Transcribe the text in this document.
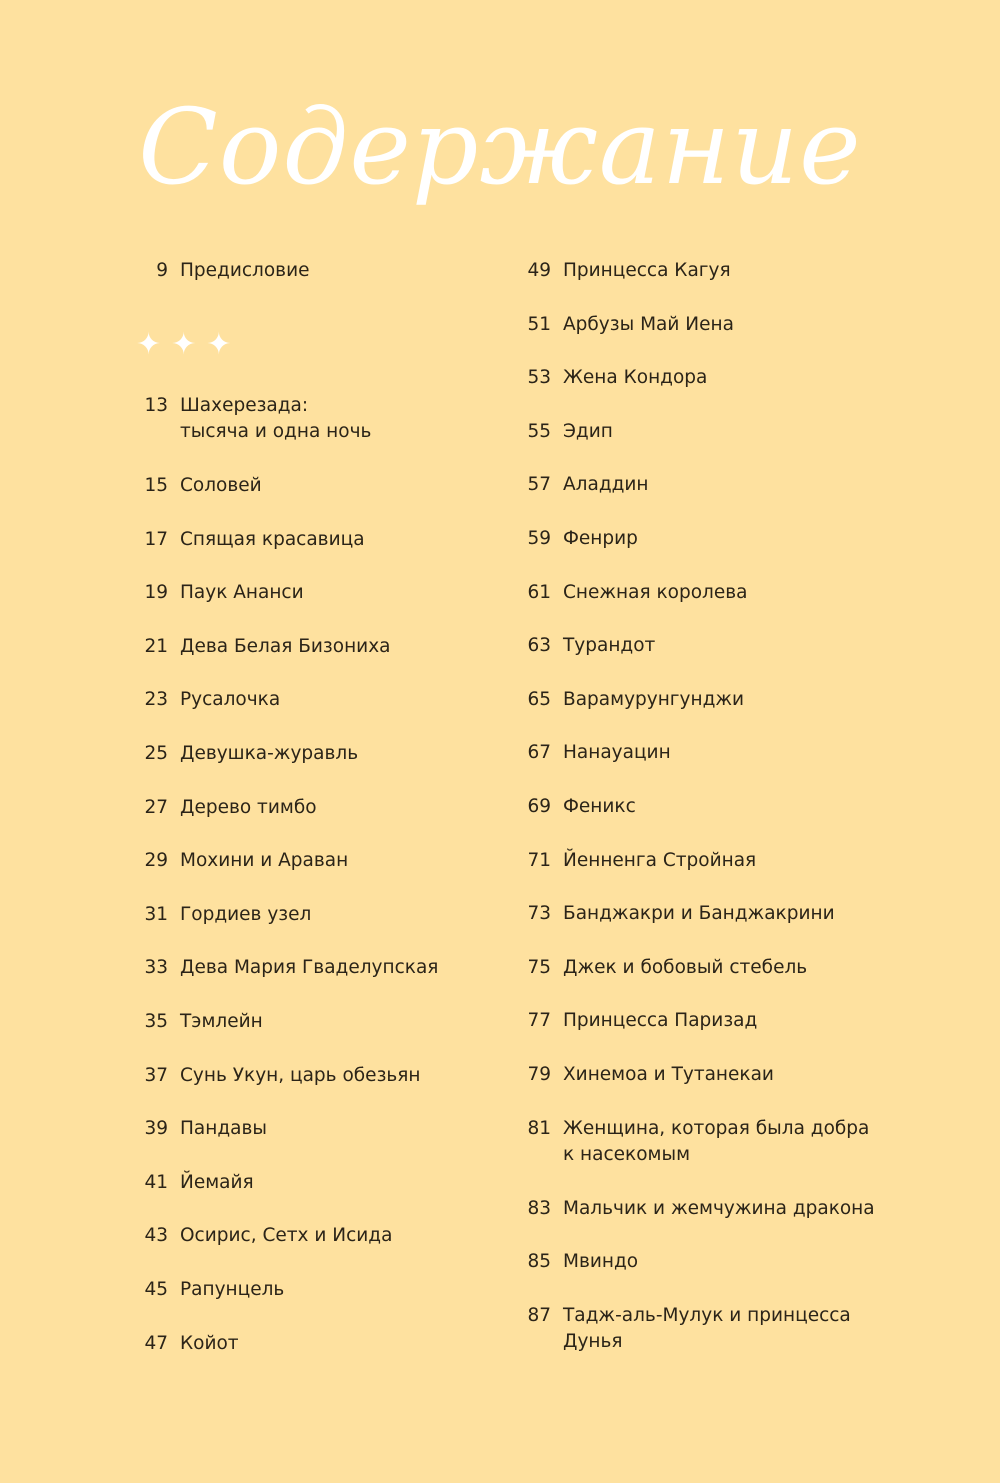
Содержание
9 Предисловие
✦✦✦
13 Шахерезада:
тысяча и одна ночь
15 Соловей
17 Спящая красавица
19 Паук Ананси
21 Дева Белая Бизониха
23 Русалочка
25 Девушка-журавль
27 Дерево тимбо
29 Мохини и Араван
31 Гордиев узел
33 Дева Мария Гваделупская
35 Тэмлейн
37 Сунь Укун, царь обезьян
39 Пандавы
41 Йемайя
43 Осирис, Сетх и Исида
45 Рапунцель
47 Койот
49 Принцесса Кагуя
51 Арбузы Май Иена
53 Жена Кондора
55 Эдип
57 Аладдин
59 Фенрир
61 Снежная королева
63 Турандот
65 Варамурунгунджи
67 Нанауацин
69 Феникс
71 Йенненга Стройная
73 Банджакри и Банджакрини
75 Джек и бобовый стебель
77 Принцесса Паризад
79 Хинемоа и Тутанекаи
81 Женщина, которая была добра
к насекомым
83 Мальчик и жемчужина дракона
85 Мвиндо
87 Тадж-аль-Мулук и принцесса
Дунья
